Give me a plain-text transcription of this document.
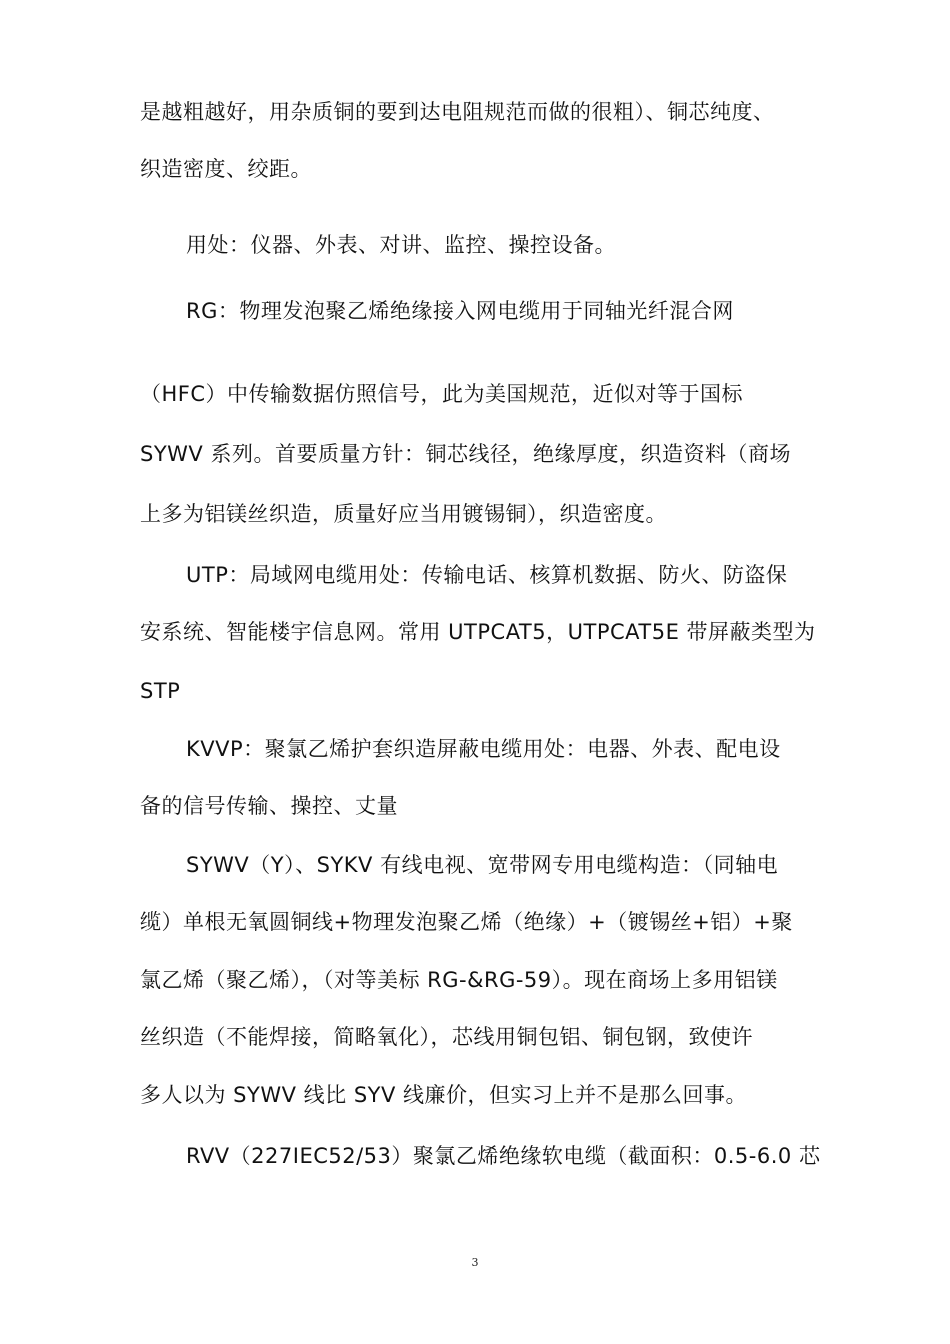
是越粗越好，用杂质铜的要到达电阻规范而做的很粗）、铜芯纯度、
织造密度、绞距。
用处：仪器、外表、对讲、监控、操控设备。
RG：物理发泡聚乙烯绝缘接入网电缆用于同轴光纤混合网
（HFC）中传输数据仿照信号，此为美国规范，近似对等于国标
SYWV 系列。首要质量方针：铜芯线径，绝缘厚度，织造资料（商场
上多为铝镁丝织造，质量好应当用镀锡铜），织造密度。
UTP：局域网电缆用处：传输电话、核算机数据、防火、防盗保
安系统、智能楼宇信息网。常用 UTPCAT5，UTPCAT5E 带屏蔽类型为
STP
KVVP：聚氯乙烯护套织造屏蔽电缆用处：电器、外表、配电设
备的信号传输、操控、丈量
SYWV（Y）、SYKV 有线电视、宽带网专用电缆构造：（同轴电
缆）单根无氧圆铜线+物理发泡聚乙烯（绝缘）+（镀锡丝+铝）+聚
氯乙烯（聚乙烯），（对等美标 RG-&RG-59）。现在商场上多用铝镁
丝织造（不能焊接，简略氧化），芯线用铜包铝、铜包钢，致使许
多人以为 SYWV 线比 SYV 线廉价，但实习上并不是那么回事。
RVV（227IEC52/53）聚氯乙烯绝缘软电缆（截面积：0.5-6.0 芯
3
